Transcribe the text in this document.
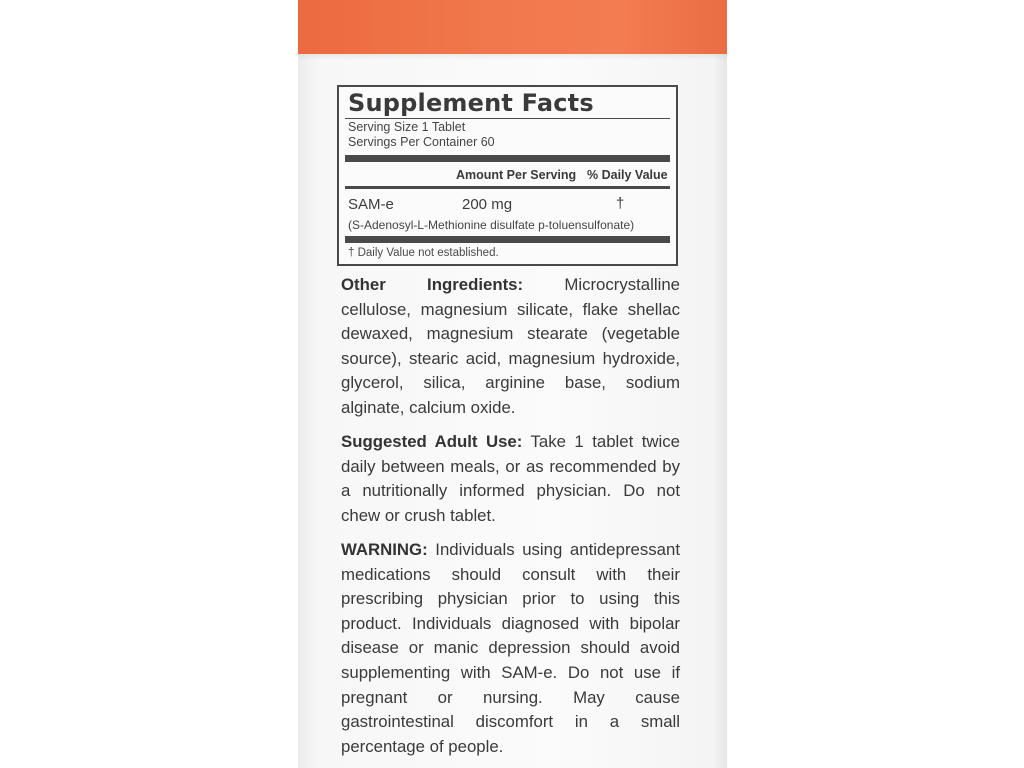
Supplement Facts
Serving Size 1 Tablet
Servings Per Container 60
Amount Per Serving % Daily Value
SAM-e	200 mg	†
(S-Adenosyl-L-Methionine disulfate p-toluensulfonate)
† Daily Value not established.
Other Ingredients: Microcrystalline cellulose, magnesium silicate, flake shellac dewaxed, magnesium stearate (vegetable source), stearic acid, magnesium hydroxide, glycerol, silica, arginine base, sodium alginate, calcium oxide.
Suggested Adult Use: Take 1 tablet twice daily between meals, or as recommended by a nutritionally informed physician. Do not chew or crush tablet.
WARNING: Individuals using antidepressant medications should consult with their prescribing physician prior to using this product. Individuals diagnosed with bipolar disease or manic depression should avoid supplementing with SAM-e. Do not use if pregnant or nursing. May cause gastrointestinal discomfort in a small percentage of people.
